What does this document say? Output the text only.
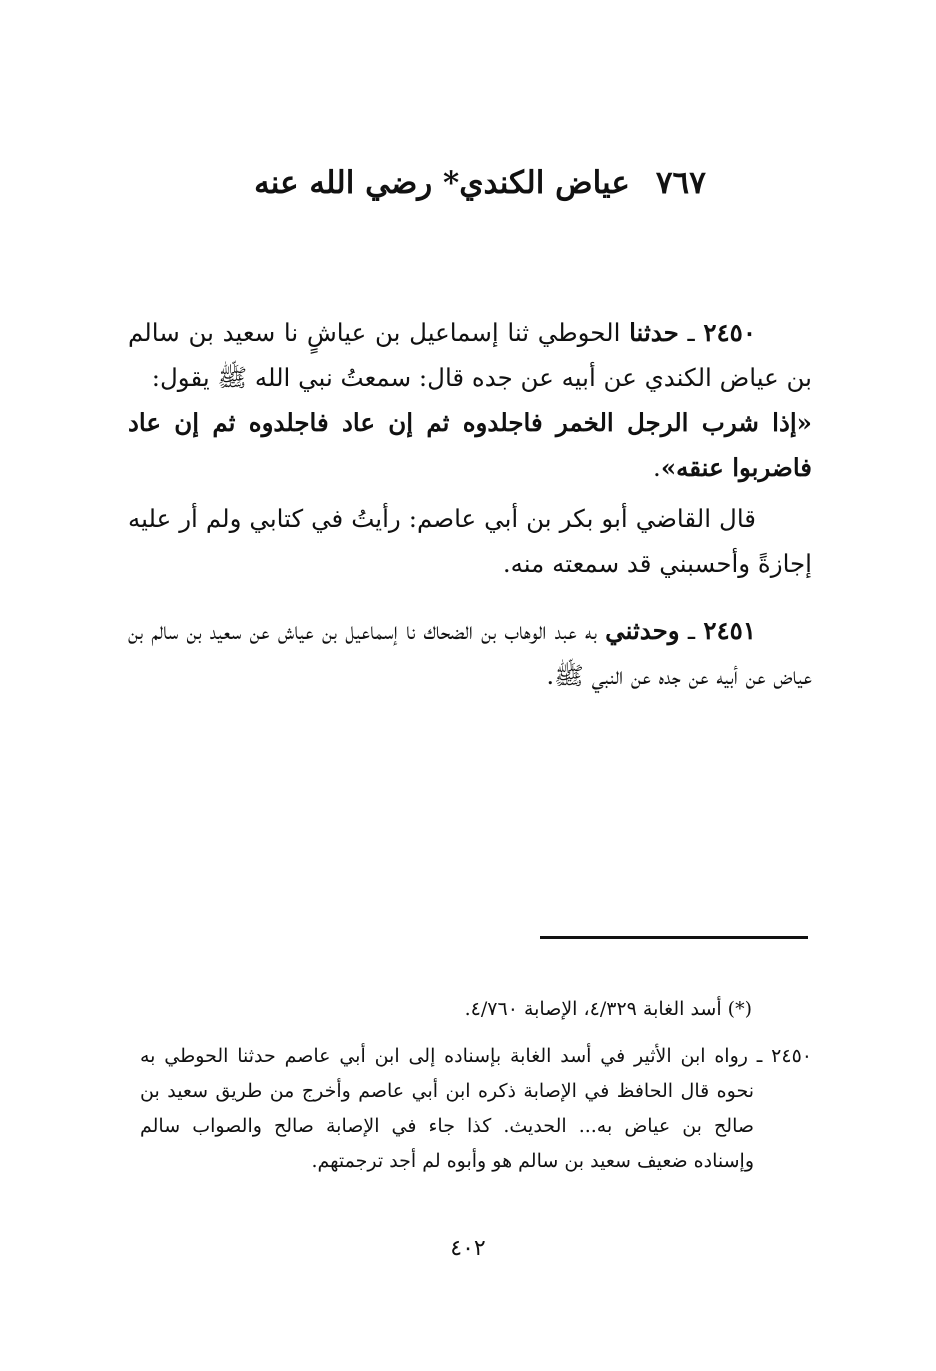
٧٦٧عياض الكندي* رضي الله عنه

٢٤٥٠ ـ حدثنا الحوطي ثنا إسماعيل بن عياشٍ نا سعيد بن سالم بن عياض الكندي عن أبيه عن جده قال: سمعتُ نبي الله ﷺ يقول:

«إذا شرب الرجل الخمر فاجلدوه ثم إن عاد فاجلدوه ثم إن عاد فاضربوا عنقه».

قال القاضي أبو بكر بن أبي عاصم: رأيتُ في كتابي ولم أر عليه إجازةً وأحسبني قد سمعته منه.

٢٤٥١ ـ وحدثني به عبد الوهاب بن الضحاك نا إسماعيل بن عياش عن سعيد بن سالم بن عياض عن أبيه عن جده عن النبي ﷺ.

(*) أسد الغابة ٤/٣٢٩، الإصابة ٤/٧٦٠.

٢٤٥٠ ـ رواه ابن الأثير في أسد الغابة بإسناده إلى ابن أبي عاصم حدثنا الحوطي به نحوه قال الحافظ في الإصابة ذكره ابن أبي عاصم وأخرج من طريق سعيد بن صالح بن عياض به... الحديث. كذا جاء في الإصابة صالح والصواب سالم وإسناده ضعيف سعيد بن سالم هو وأبوه لم أجد ترجمتهم.

٤٠٢
